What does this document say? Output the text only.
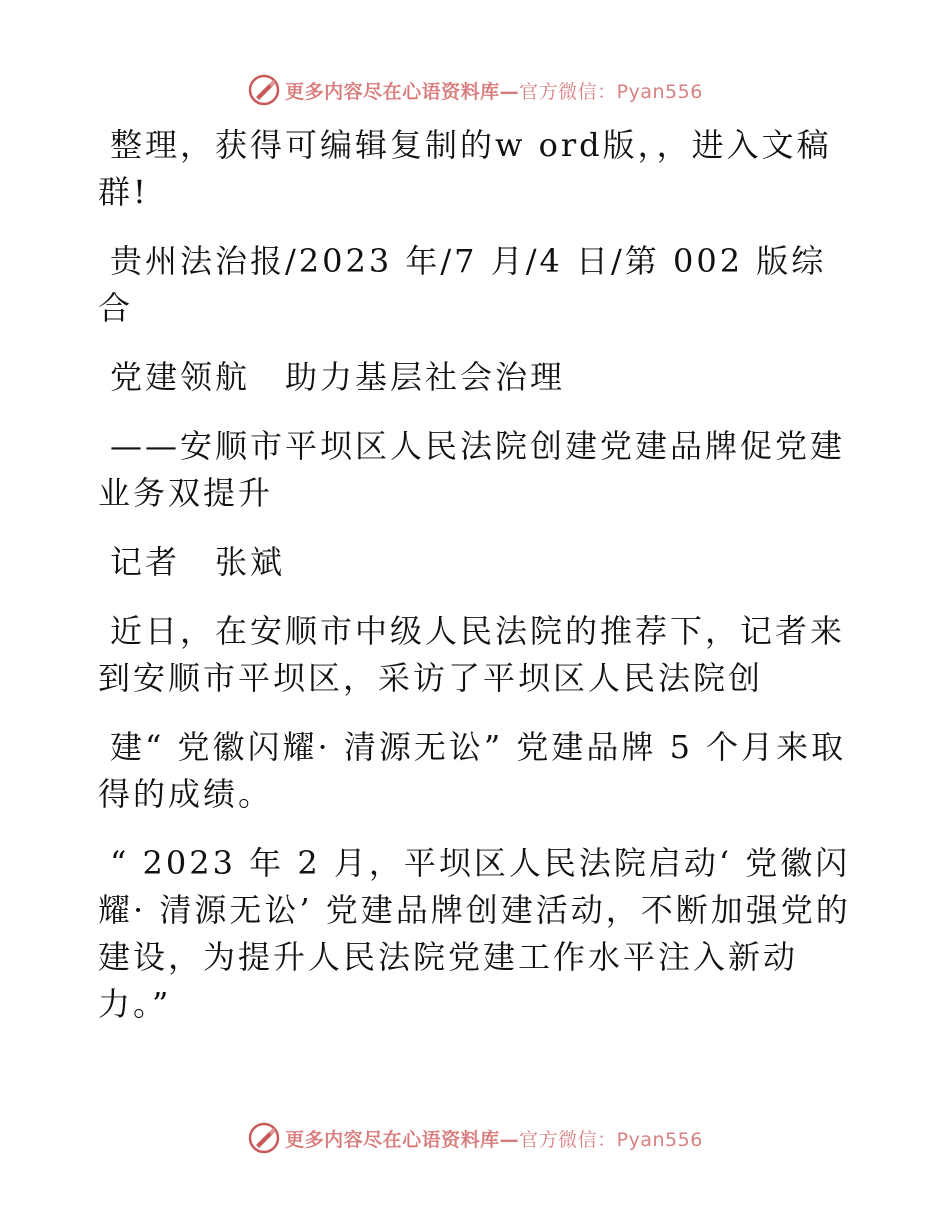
更多内容尽在心语资料库—官方微信：Pyan556

整理，获得可编辑复制的w ord版，，进入文稿群!

贵州法治报/2023 年/7 月/4 日/第 002 版综合

党建领航　助力基层社会治理

——安顺市平坝区人民法院创建党建品牌促党建业务双提升

记者　张斌

近日，在安顺市中级人民法院的推荐下，记者来到安顺市平坝区，采访了平坝区人民法院创

建“ 党徽闪耀· 清源无讼” 党建品牌 5 个月来取得的成绩。

“ 2023 年 2 月，平坝区人民法院启动‘ 党徽闪耀· 清源无讼’ 党建品牌创建活动，不断加强党的建设，为提升人民法院党建工作水平注入新动力。”

更多内容尽在心语资料库—官方微信：Pyan556
